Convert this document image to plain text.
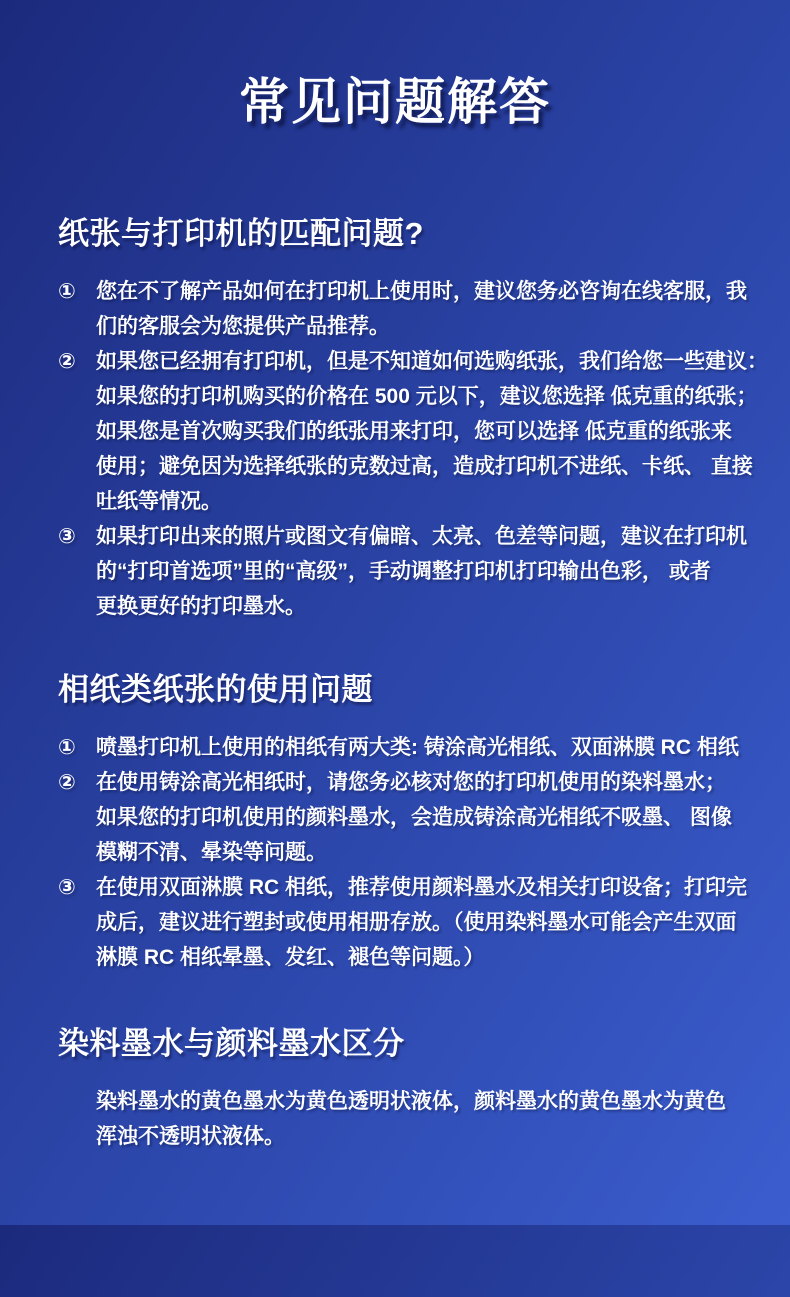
常见问题解答
纸张与打印机的匹配问题?
① 您在不了解产品如何在打印机上使用时，建议您务必咨询在线客服，我
们的客服会为您提供产品推荐。
② 如果您已经拥有打印机，但是不知道如何选购纸张，我们给您一些建议：
如果您的打印机购买的价格在 500 元以下，建议您选择 低克重的纸张；
如果您是首次购买我们的纸张用来打印，您可以选择 低克重的纸张来
使用；避免因为选择纸张的克数过高，造成打印机不进纸、卡纸、 直接
吐纸等情况。
③ 如果打印出来的照片或图文有偏暗、太亮、色差等问题，建议在打印机
的“打印首选项”里的“高级”，手动调整打印机打印输出色彩， 或者
更换更好的打印墨水。
相纸类纸张的使用问题
① 喷墨打印机上使用的相纸有两大类: 铸涂高光相纸、双面淋膜 RC 相纸
② 在使用铸涂高光相纸时，请您务必核对您的打印机使用的染料墨水；
如果您的打印机使用的颜料墨水，会造成铸涂高光相纸不吸墨、 图像
模糊不清、晕染等问题。
③ 在使用双面淋膜 RC 相纸，推荐使用颜料墨水及相关打印设备；打印完
成后，建议进行塑封或使用相册存放。（使用染料墨水可能会产生双面
淋膜 RC 相纸晕墨、发红、褪色等问题。）
染料墨水与颜料墨水区分
染料墨水的黄色墨水为黄色透明状液体，颜料墨水的黄色墨水为黄色
浑浊不透明状液体。
